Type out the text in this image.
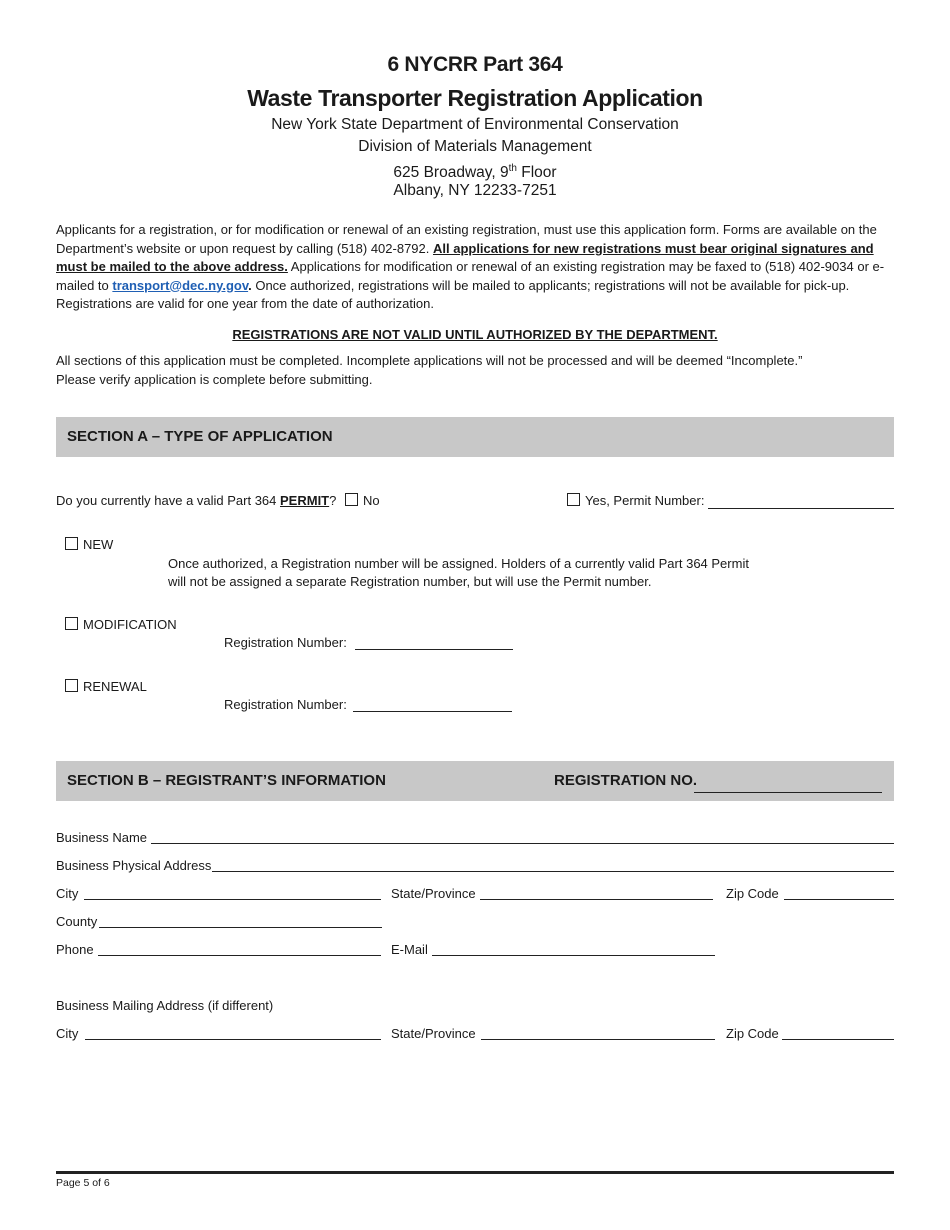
6 NYCRR Part 364
Waste Transporter Registration Application
New York State Department of Environmental Conservation
Division of Materials Management
625 Broadway, 9th Floor
Albany, NY 12233-7251
Applicants for a registration, or for modification or renewal of an existing registration, must use this application form. Forms are available on the Department’s website or upon request by calling (518) 402-8792. All applications for new registrations must bear original signatures and must be mailed to the above address. Applications for modification or renewal of an existing registration may be faxed to (518) 402-9034 or e-mailed to transport@dec.ny.gov. Once authorized, registrations will be mailed to applicants; registrations will not be available for pick-up. Registrations are valid for one year from the date of authorization.
REGISTRATIONS ARE NOT VALID UNTIL AUTHORIZED BY THE DEPARTMENT.
All sections of this application must be completed. Incomplete applications will not be processed and will be deemed “Incomplete.”
Please verify application is complete before submitting.
SECTION A – TYPE OF APPLICATION
Do you currently have a valid Part 364 PERMIT? No	Yes, Permit Number:
NEW
Once authorized, a Registration number will be assigned. Holders of a currently valid Part 364 Permit
will not be assigned a separate Registration number, but will use the Permit number.
MODIFICATION
Registration Number:
RENEWAL
Registration Number:
SECTION B – REGISTRANT’S INFORMATION	REGISTRATION NO.
Business Name
Business Physical Address
City	State/Province	Zip Code
County
Phone	E-Mail
Business Mailing Address (if different)
City	State/Province	Zip Code
Page 5 of 6
